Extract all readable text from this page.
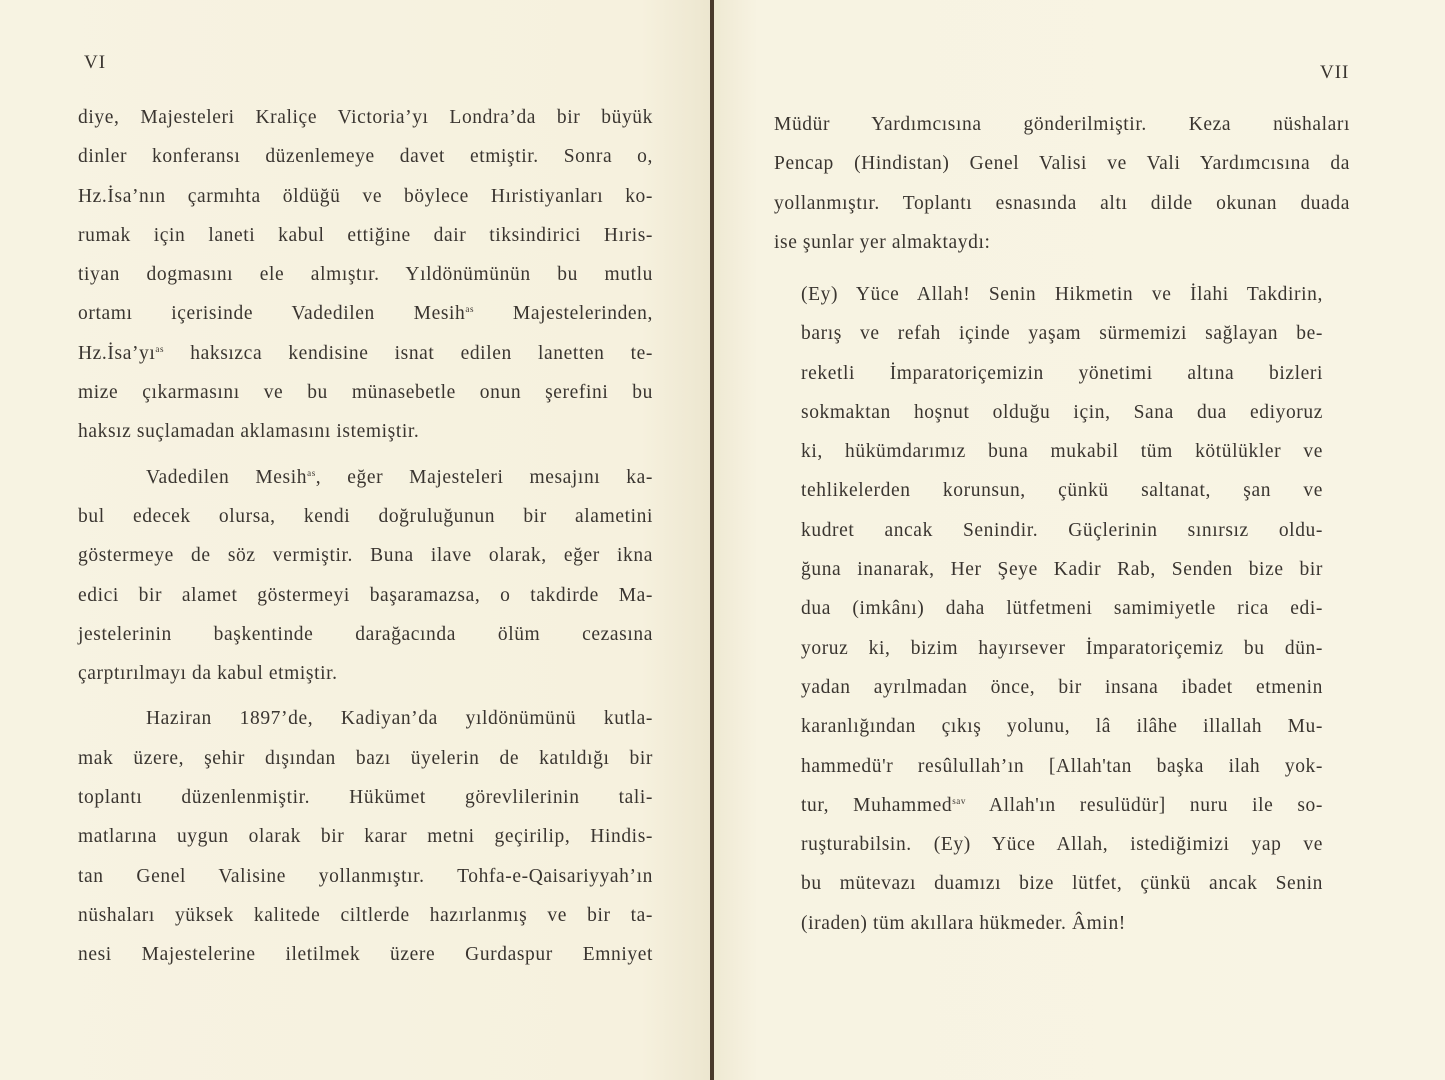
VI
diye, Majesteleri Kraliçe Victoria’yı Londra’da bir büyük
dinler konferansı düzenlemeye davet etmiştir. Sonra o,
Hz.İsa’nın çarmıhta öldüğü ve böylece Hıristiyanları ko-
rumak için laneti kabul ettiğine dair tiksindirici Hıris-
tiyan dogmasını ele almıştır. Yıldönümünün bu mutlu
ortamı içerisinde Vadedilen Mesih$^{as}$ Majestelerinden,
$Hz.İsa’yı^{as}$ haksızca kendisine isnat edilen lanetten te-
mize çıkarmasını ve bu münasebetle onun şerefini bu
haksız suçlamadan aklamasını istemiştir.
Vadedilen Mesih$^{as}$, eğer Majesteleri mesajını ka-
bul edecek olursa, kendi doğruluğunun bir alametini
göstermeye de söz vermiştir. Buna ilave olarak, eğer ikna
edici bir alamet göstermeyi başaramazsa, o takdirde Ma-
jestelerinin başkentinde darağacında ölüm cezasına
çarptırılmayı da kabul etmiştir.
Haziran 1897’de, Kadiyan’da yıldönümünü kutla-
mak üzere, şehir dışından bazı üyelerin de katıldığı bir
toplantı düzenlenmiştir. Hükümet görevlilerinin tali-
matlarına uygun olarak bir karar metni geçirilip, Hindis-
tan Genel Valisine yollanmıştır. Tohfa-e-Qaisariyyah’ın
nüshaları yüksek kalitede ciltlerde hazırlanmış ve bir ta-
nesi Majestelerine iletilmek üzere Gurdaspur Emniyet
VII
Müdür Yardımcısına gönderilmiştir. Keza nüshaları
Pencap (Hindistan) Genel Valisi ve Vali Yardımcısına da
yollanmıştır. Toplantı esnasında altı dilde okunan duada
ise şunlar yer almaktaydı:
(Ey) Yüce Allah! Senin Hikmetin ve İlahi Takdirin,
barış ve refah içinde yaşam sürmemizi sağlayan be-
reketli İmparatoriçemizin yönetimi altına bizleri
sokmaktan hoşnut olduğu için, Sana dua ediyoruz
ki, hükümdarımız buna mukabil tüm kötülükler ve
tehlikelerden korunsun, çünkü saltanat, şan ve
kudret ancak Senindir. Güçlerinin sınırsız oldu-
ğuna inanarak, Her Şeye Kadir Rab, Senden bize bir
dua (imkânı) daha lütfetmeni samimiyetle rica edi-
yoruz ki, bizim hayırsever İmparatoriçemiz bu dün-
yadan ayrılmadan önce, bir insana ibadet etmenin
karanlığından çıkış yolunu, lâ ilâhe illallah Mu-
hammedü'r resûlullah’ın [Allah'tan başka ilah yok-
tur, Muhammed$^{sav}$ Allah'ın resulüdür] nuru ile so-
ruşturabilsin. (Ey) Yüce Allah, istediğimizi yap ve
bu mütevazı duamızı bize lütfet, çünkü ancak Senin
(iraden) tüm akıllara hükmeder. Âmin!
